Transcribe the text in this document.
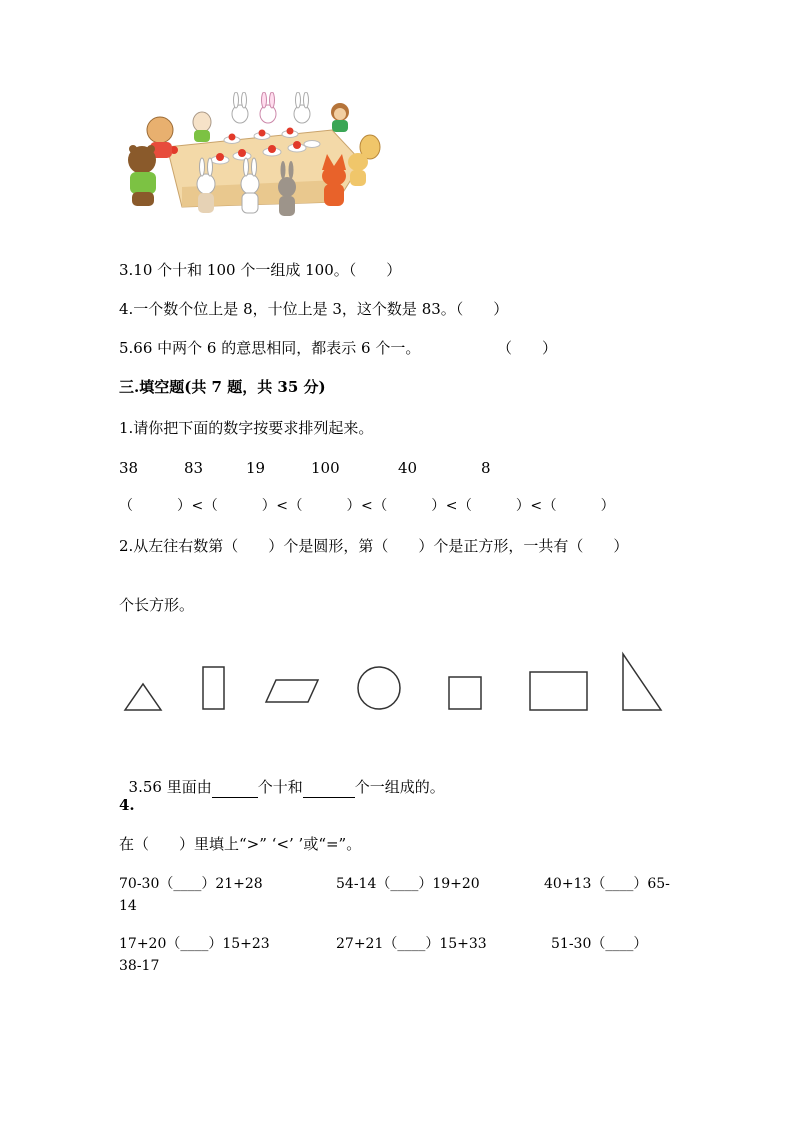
3.10 个十和 100 个一组成 100。（　　）
4.一个数个位上是 8，十位上是 3，这个数是 83。（　　）
5.66 中两个 6 的意思相同，都表示 6 个一。	（　　）
三.填空题(共 7 题，共 35 分)
1.请你把下面的数字按要求排列起来。
38	83	19	100	40	8
（　　　）<（　　　）<（　　　）<（　　　）<（　　　）<（　　　）
2.从左往右数第（　　）个是圆形，第（　　）个是正方形，一共有（　　）
个长方形。

3.56 里面由	个十和	个一组成的。

4.
在（　　）里填上“>” ‘<’ ’或“=”。
70-30（____）21+28	54-14（____）19+20	40+13（____）65-
14
17+20（____）15+23	27+21（____）15+33	51-30（____）
38-17
